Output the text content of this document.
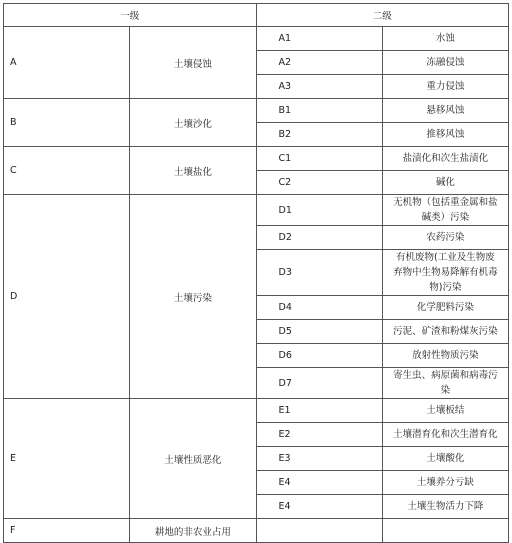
一级		二级	
A	土壤侵蚀	A1	水蚀

		A2	冻融侵蚀

		A3	重力侵蚀

B	土壤沙化	B1	悬移风蚀

		B2	推移风蚀

C	土壤盐化	C1	盐渍化和次生盐渍化

		C2	碱化

D	土壤污染	D1	无机物（包括重金属和盐碱类）污染

		D2	农药污染

		D3	有机废物(工业及生物废弃物中生物易降解有机毒物)污染

		D4	化学肥料污染

		D5	污泥、矿渣和粉煤灰污染

		D6	放射性物质污染

		D7	寄生虫、病原菌和病毒污染

E	土壤性质恶化	E1	土壤板结

		E2	土壤潜育化和次生潜育化

		E3	土壤酸化

		E4	土壤养分亏缺

		E4	土壤生物活力下降

F	耕地的非农业占用		
